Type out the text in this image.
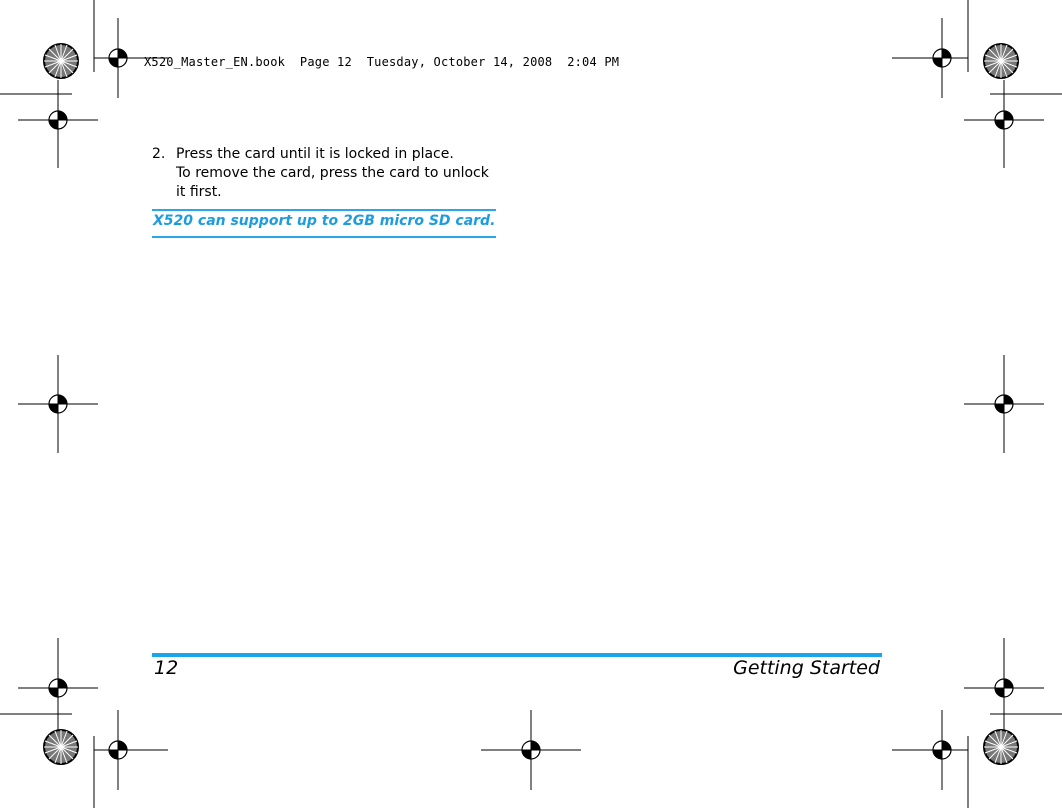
X520_Master_EN.book  Page 12  Tuesday, October 14, 2008  2:04 PM
2. Press the card until it is locked in place.

To remove the card, press the card to unlock it first.

X520 can support up to 2GB micro SD card.
12	Getting Started
